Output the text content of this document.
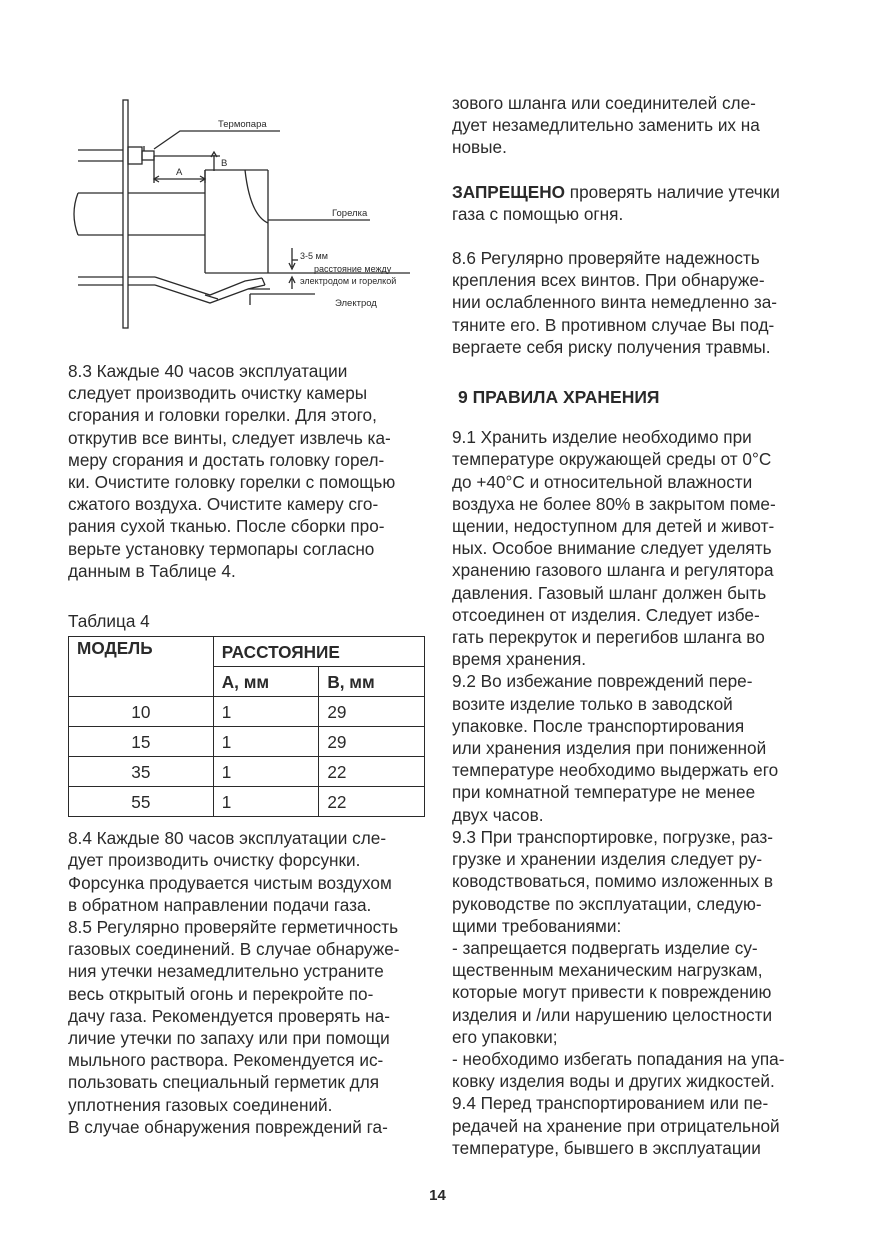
Термопара
А
В
Горелка
3-5 мм
расстояние между
электродом и горелкой
Электрод

8.3 Каждые 40 часов эксплуатации
следует производить очистку камеры
сгорания и головки горелки. Для этого,
открутив все винты, следует извлечь ка-
меру сгорания и достать головку горел-
ки. Очистите головку горелки с помощью
сжатого воздуха. Очистите камеру сго-
рания сухой тканью. После сборки про-
верьте установку термопары согласно
данным в Таблице 4.

Таблица 4
МОДЕЛЬ	РАССТОЯНИЕ	
	А, мм	В, мм
10	1	29
15	1	29
35	1	22
55	1	22

8.4 Каждые 80 часов эксплуатации сле-
дует производить очистку форсунки.
Форсунка продувается чистым воздухом
в обратном направлении подачи газа.

8.5 Регулярно проверяйте герметичность
газовых соединений. В случае обнаруже-
ния утечки незамедлительно устраните
весь открытый огонь и перекройте по-
дачу газа. Рекомендуется проверять на-
личие утечки по запаху или при помощи
мыльного раствора. Рекомендуется ис-
пользовать специальный герметик для
уплотнения газовых соединений.
В случае обнаружения повреждений га-

зового шланга или соединителей сле-
дует незамедлительно заменить их на
новые.

ЗАПРЕЩЕНО проверять наличие утечки
газа с помощью огня.

8.6 Регулярно проверяйте надежность
крепления всех винтов. При обнаруже-
нии ослабленного винта немедленно за-
тяните его. В противном случае Вы под-
вергаете себя риску получения травмы.

9 ПРАВИЛА ХРАНЕНИЯ

9.1 Хранить изделие необходимо при
температуре окружающей среды от 0°С
до +40°С и относительной влажности
воздуха не более 80% в закрытом поме-
щении, недоступном для детей и живот-
ных. Особое внимание следует уделять
хранению газового шланга и регулятора
давления. Газовый шланг должен быть
отсоединен от изделия. Следует избе-
гать перекруток и перегибов шланга во
время хранения.

9.2 Во избежание повреждений пере-
возите изделие только в заводской
упаковке. После транспортирования
или хранения изделия при пониженной
температуре необходимо выдержать его
при комнатной температуре не менее
двух часов.

9.3 При транспортировке, погрузке, раз-
грузке и хранении изделия следует ру-
ководствоваться, помимо изложенных в
руководстве по эксплуатации, следую-
щими требованиями:

- запрещается подвергать изделие су-
щественным механическим нагрузкам,
которые могут привести к повреждению
изделия и /или нарушению целостности
его упаковки;

- необходимо избегать попадания на упа-
ковку изделия воды и других жидкостей.

9.4 Перед транспортированием или пе-
редачей на хранение при отрицательной
температуре, бывшего в эксплуатации

14
